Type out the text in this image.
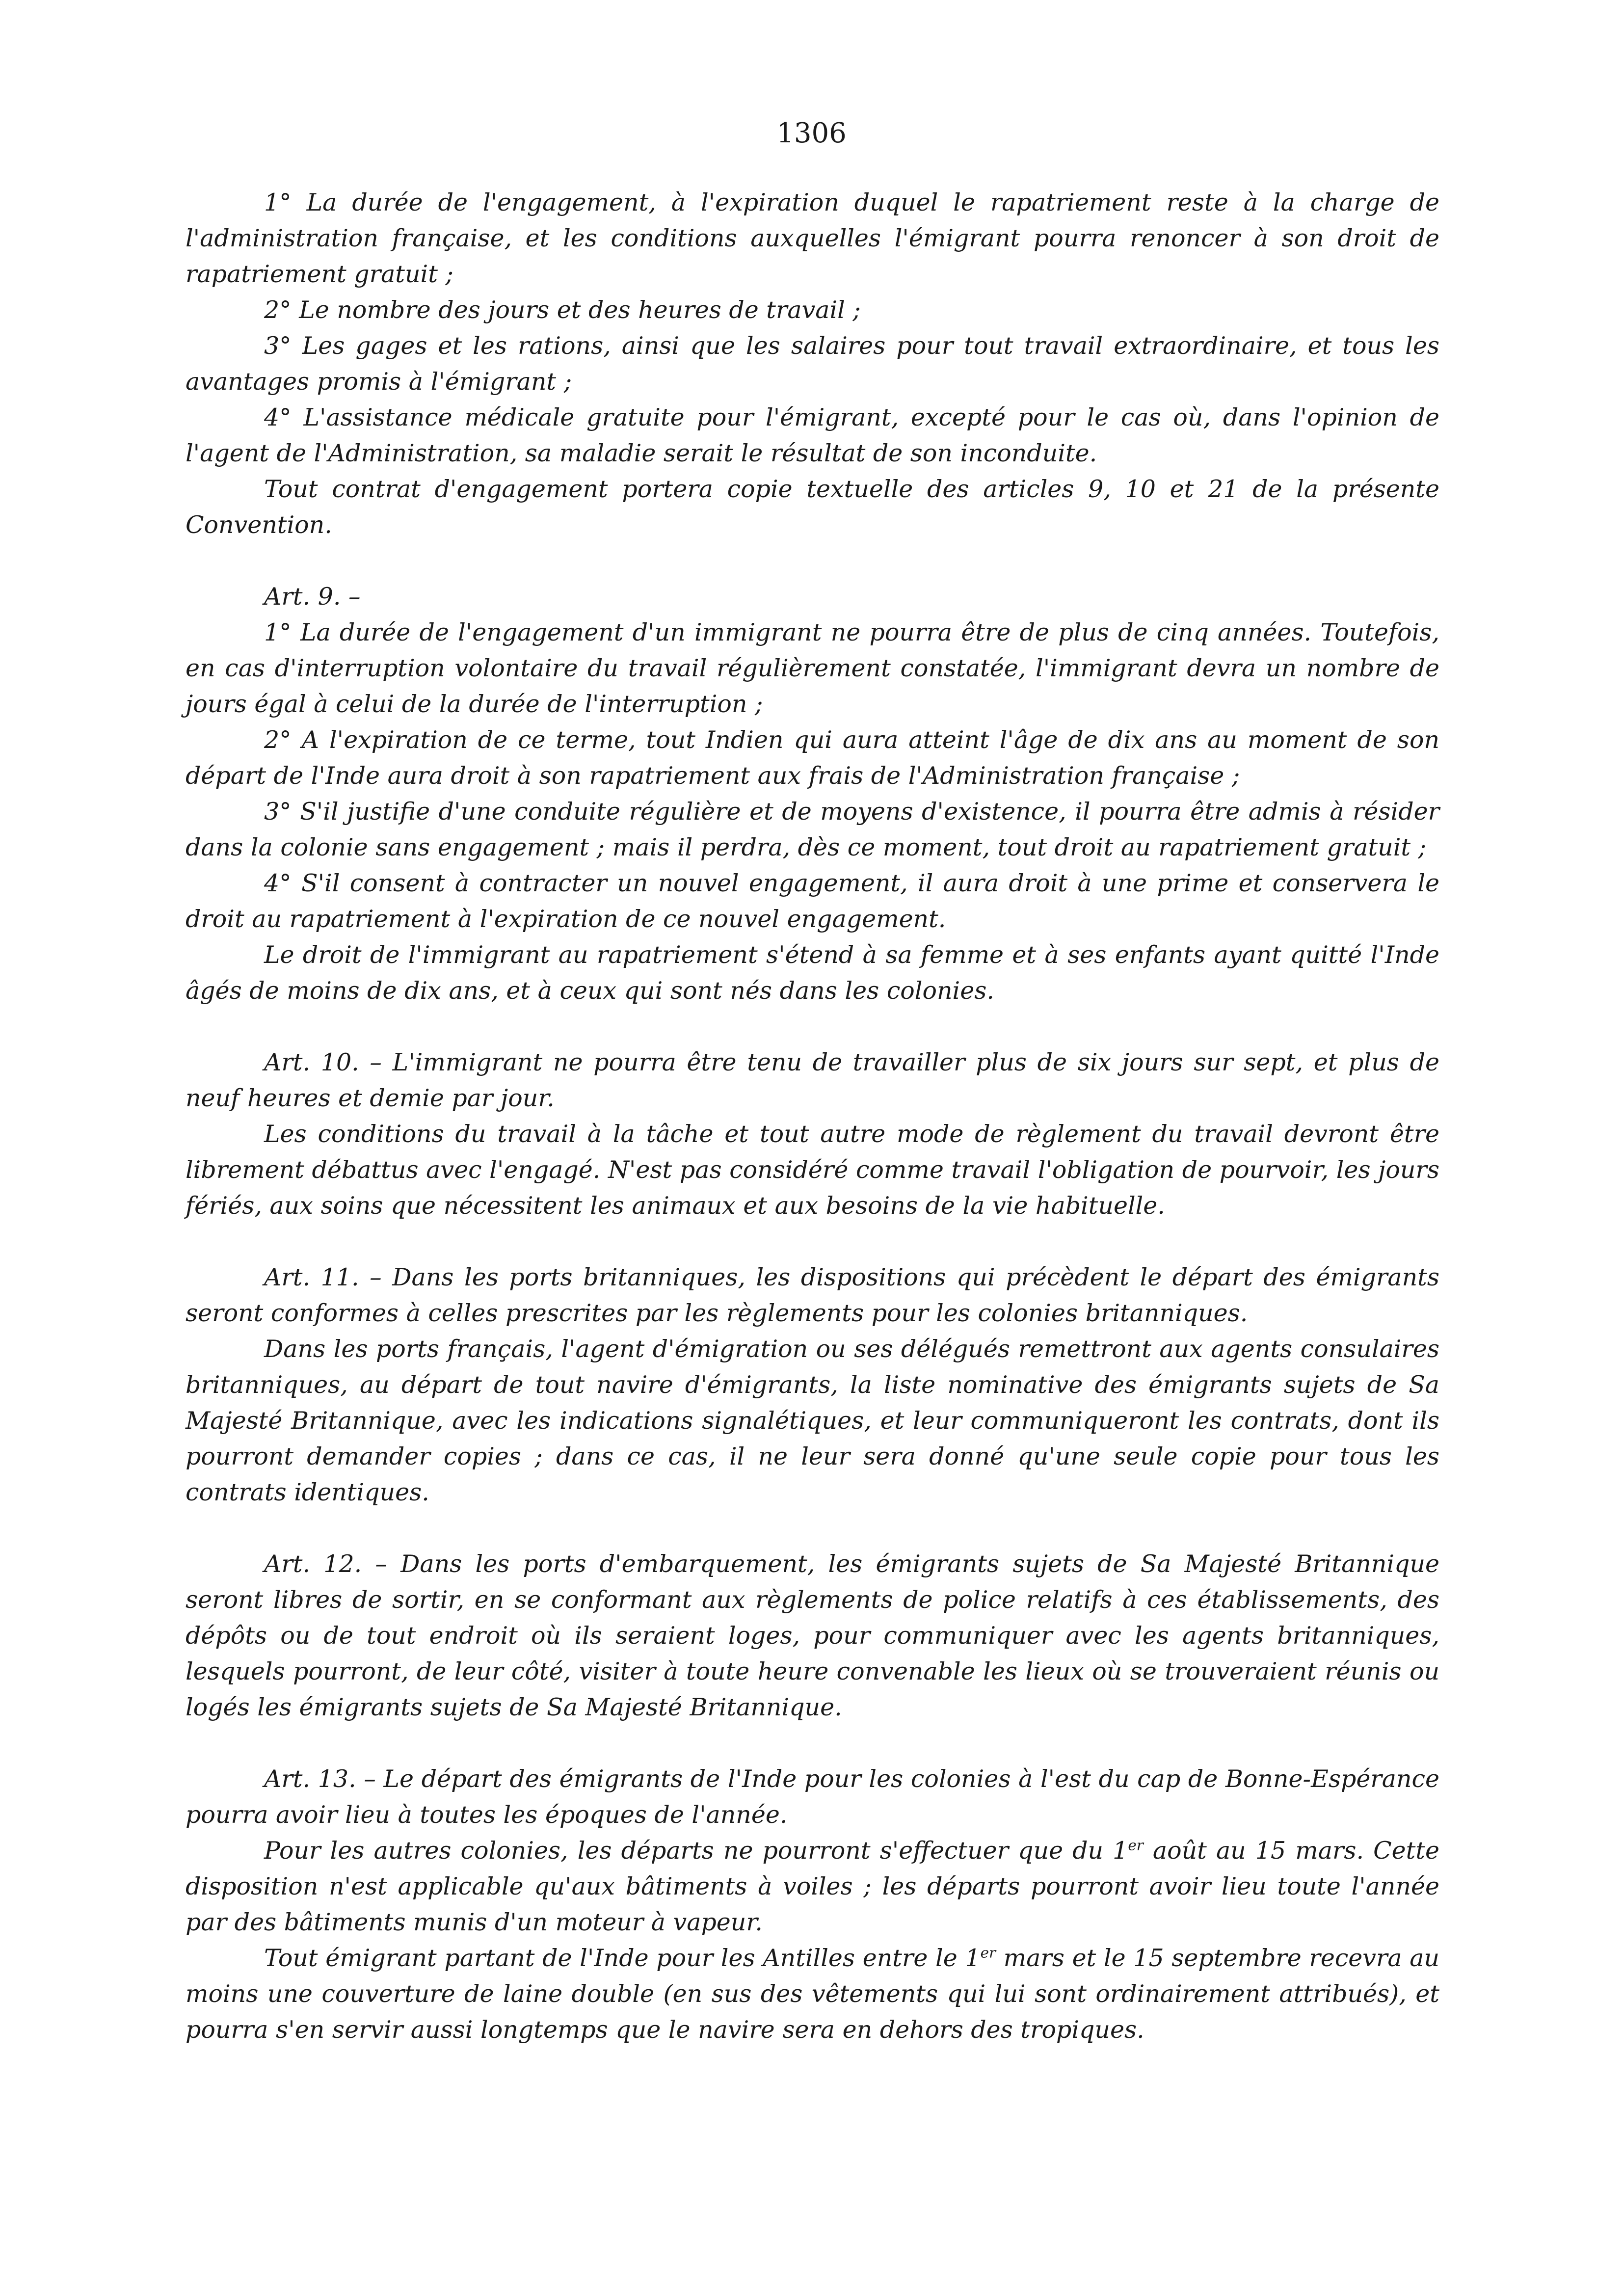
1306

1° La durée de l'engagement, à l'expiration duquel le rapatriement reste à la charge de l'administration française, et les conditions auxquelles l'émigrant pourra renoncer à son droit de rapatriement gratuit ;

2° Le nombre des jours et des heures de travail ;

3° Les gages et les rations, ainsi que les salaires pour tout travail extraordinaire, et tous les avantages promis à l'émigrant ;

4° L'assistance médicale gratuite pour l'émigrant, excepté pour le cas où, dans l'opinion de l'agent de l'Administration, sa maladie serait le résultat de son inconduite.

Tout contrat d'engagement portera copie textuelle des articles 9, 10 et 21 de la présente Convention.

Art. 9. –

1° La durée de l'engagement d'un immigrant ne pourra être de plus de cinq années. Toutefois, en cas d'interruption volontaire du travail régulièrement constatée, l'immigrant devra un nombre de jours égal à celui de la durée de l'interruption ;

2° A l'expiration de ce terme, tout Indien qui aura atteint l'âge de dix ans au moment de son départ de l'Inde aura droit à son rapatriement aux frais de l'Administration française ;

3° S'il justifie d'une conduite régulière et de moyens d'existence, il pourra être admis à résider dans la colonie sans engagement ; mais il perdra, dès ce moment, tout droit au rapatriement gratuit ;

4° S'il consent à contracter un nouvel engagement, il aura droit à une prime et conservera le droit au rapatriement à l'expiration de ce nouvel engagement.

Le droit de l'immigrant au rapatriement s'étend à sa femme et à ses enfants ayant quitté l'Inde âgés de moins de dix ans, et à ceux qui sont nés dans les colonies.

Art. 10. – L'immigrant ne pourra être tenu de travailler plus de six jours sur sept, et plus de neuf heures et demie par jour.

Les conditions du travail à la tâche et tout autre mode de règlement du travail devront être librement débattus avec l'engagé. N'est pas considéré comme travail l'obligation de pourvoir, les jours fériés, aux soins que nécessitent les animaux et aux besoins de la vie habituelle.

Art. 11. – Dans les ports britanniques, les dispositions qui précèdent le départ des émigrants seront conformes à celles prescrites par les règlements pour les colonies britanniques.

Dans les ports français, l'agent d'émigration ou ses délégués remettront aux agents consulaires britanniques, au départ de tout navire d'émigrants, la liste nominative des émigrants sujets de Sa Majesté Britannique, avec les indications signalétiques, et leur communiqueront les contrats, dont ils pourront demander copies ; dans ce cas, il ne leur sera donné qu'une seule copie pour tous les contrats identiques.

Art. 12. – Dans les ports d'embarquement, les émigrants sujets de Sa Majesté Britannique seront libres de sortir, en se conformant aux règlements de police relatifs à ces établissements, des dépôts ou de tout endroit où ils seraient loges, pour communiquer avec les agents britanniques, lesquels pourront, de leur côté, visiter à toute heure convenable les lieux où se trouveraient réunis ou logés les émigrants sujets de Sa Majesté Britannique.

Art. 13. – Le départ des émigrants de l'Inde pour les colonies à l'est du cap de Bonne-Espérance pourra avoir lieu à toutes les époques de l'année.

Pour les autres colonies, les départs ne pourront s'effectuer que du 1er août au 15 mars. Cette disposition n'est applicable qu'aux bâtiments à voiles ; les départs pourront avoir lieu toute l'année par des bâtiments munis d'un moteur à vapeur.

Tout émigrant partant de l'Inde pour les Antilles entre le 1er mars et le 15 septembre recevra au moins une couverture de laine double (en sus des vêtements qui lui sont ordinairement attribués), et pourra s'en servir aussi longtemps que le navire sera en dehors des tropiques.
